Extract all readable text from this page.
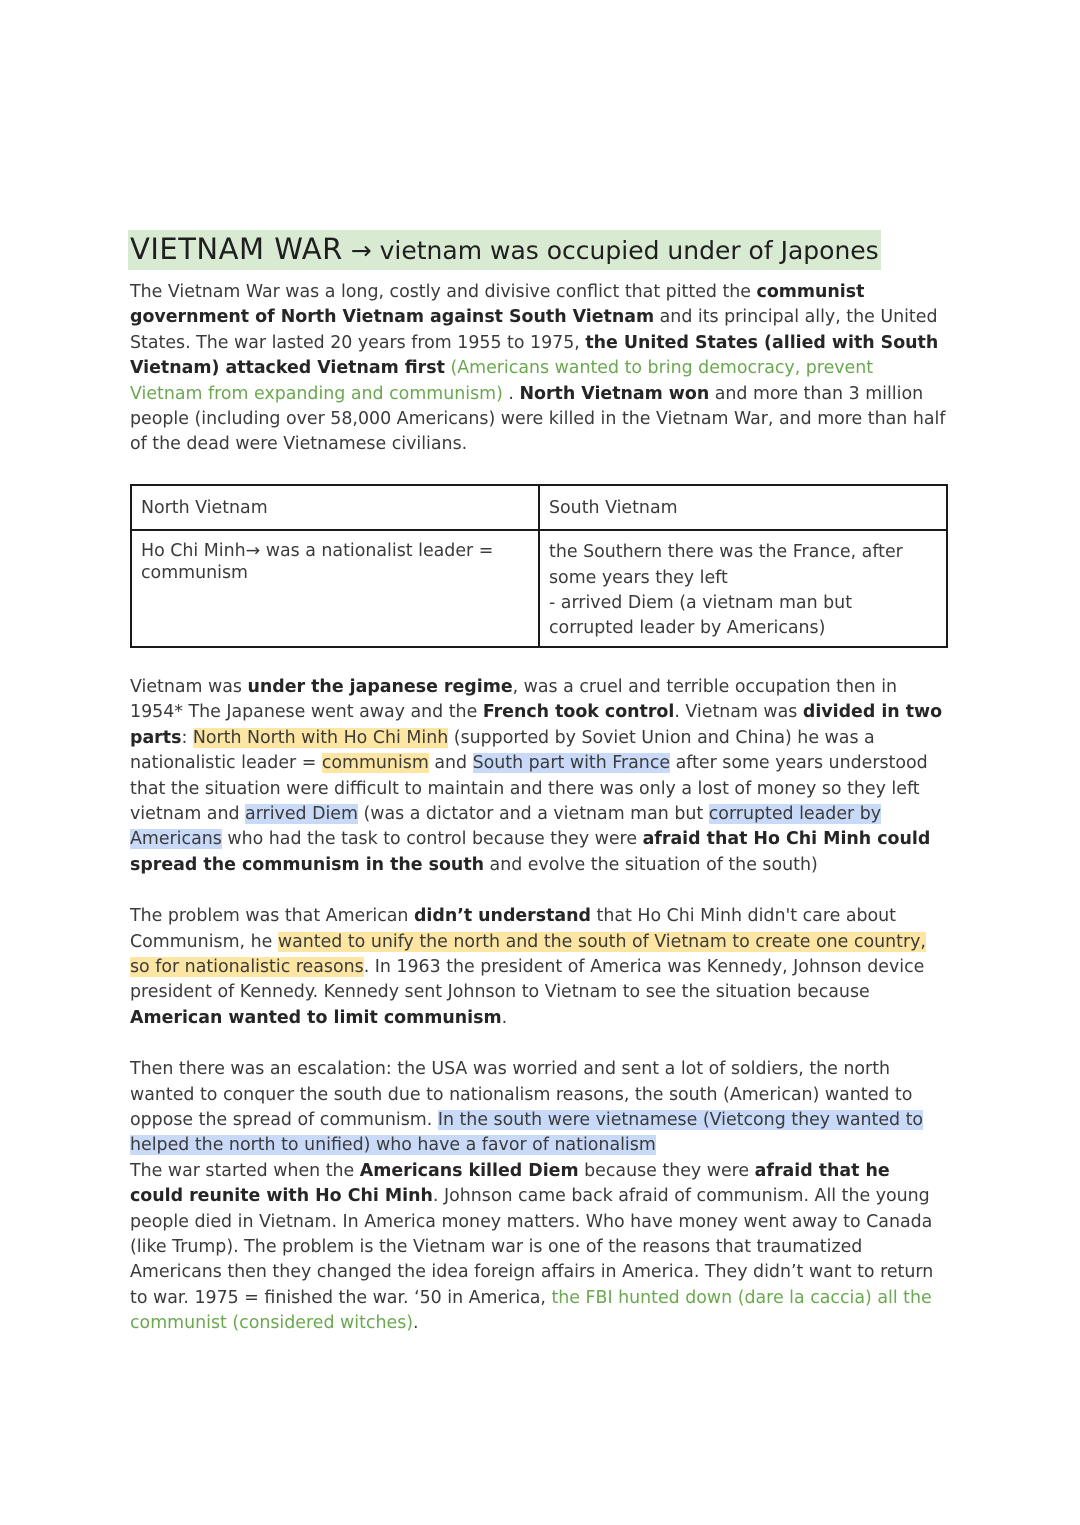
VIETNAM WAR → vietnam was occupied under of Japones

The Vietnam War was a long, costly and divisive conflict that pitted the communist government of North Vietnam against South Vietnam and its principal ally, the United States. The war lasted 20 years from 1955 to 1975, the United States (allied with South Vietnam) attacked Vietnam first (Americans wanted to bring democracy, prevent Vietnam from expanding and communism) . North Vietnam won and more than 3 million people (including over 58,000 Americans) were killed in the Vietnam War, and more than half of the dead were Vietnamese civilians.

North Vietnam	South Vietnam
Ho Chi Minh→ was a nationalist leader = communism	the Southern there was the France, after some years they left
- arrived Diem (a vietnam man but corrupted leader by Americans)

Vietnam was under the japanese regime, was a cruel and terrible occupation then in 1954* The Japanese went away and the French took control. Vietnam was divided in two parts: North North with Ho Chi Minh (supported by Soviet Union and China) he was a nationalistic leader = communism and South part with France after some years understood that the situation were difficult to maintain and there was only a lost of money so they left vietnam and arrived Diem (was a dictator and a vietnam man but corrupted leader by Americans who had the task to control because they were afraid that Ho Chi Minh could spread the communism in the south and evolve the situation of the south)

The problem was that American didn’t understand that Ho Chi Minh didn't care about Communism, he wanted to unify the north and the south of Vietnam to create one country, so for nationalistic reasons. In 1963 the president of America was Kennedy, Johnson device president of Kennedy. Kennedy sent Johnson to Vietnam to see the situation because American wanted to limit communism.

Then there was an escalation: the USA was worried and sent a lot of soldiers, the north wanted to conquer the south due to nationalism reasons, the south (American) wanted to oppose the spread of communism. In the south were vietnamese (Vietcong they wanted to helped the north to unified) who have a favor of nationalism

The war started when the Americans killed Diem because they were afraid that he could reunite with Ho Chi Minh. Johnson came back afraid of communism. All the young people died in Vietnam. In America money matters. Who have money went away to Canada (like Trump). The problem is the Vietnam war is one of the reasons that traumatized Americans then they changed the idea foreign affairs in America. They didn’t want to return to war. 1975 = finished the war. ‘50 in America, the FBI hunted down (dare la caccia) all the communist (considered witches).
